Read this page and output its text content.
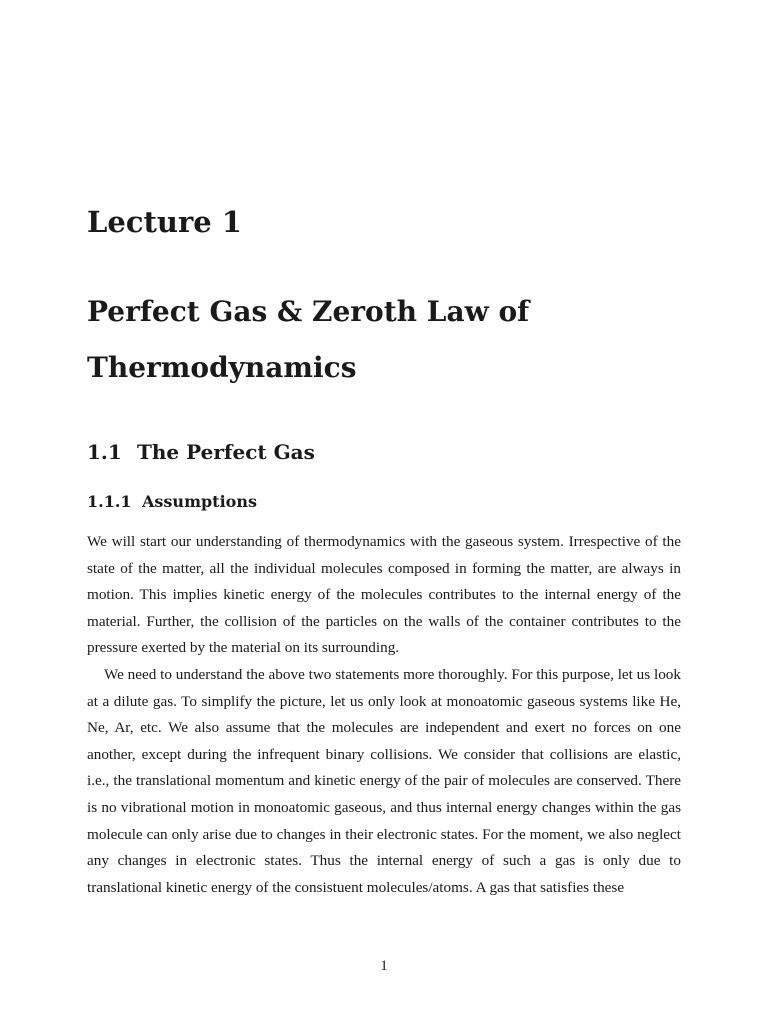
Lecture 1
Perfect Gas & Zeroth Law of
Thermodynamics
1.1 The Perfect Gas
1.1.1 Assumptions

We will start our understanding of thermodynamics with the gaseous system. Irrespective of the state of the matter, all the individual molecules composed in forming the matter, are always in motion. This implies kinetic energy of the molecules contributes to the internal energy of the material. Further, the collision of the particles on the walls of the container contributes to the pressure exerted by the material on its surrounding.

We need to understand the above two statements more thoroughly. For this purpose, let us look at a dilute gas. To simplify the picture, let us only look at monoatomic gaseous systems like He, Ne, Ar, etc. We also assume that the molecules are independent and exert no forces on one another, except during the infrequent binary collisions. We consider that collisions are elastic, i.e., the translational momentum and kinetic energy of the pair of molecules are conserved. There is no vibrational motion in monoatomic gaseous, and thus internal energy changes within the gas molecule can only arise due to changes in their electronic states. For the moment, we also neglect any changes in electronic states. Thus the internal energy of such a gas is only due to translational kinetic energy of the consistuent molecules/atoms. A gas that satisfies these

1
